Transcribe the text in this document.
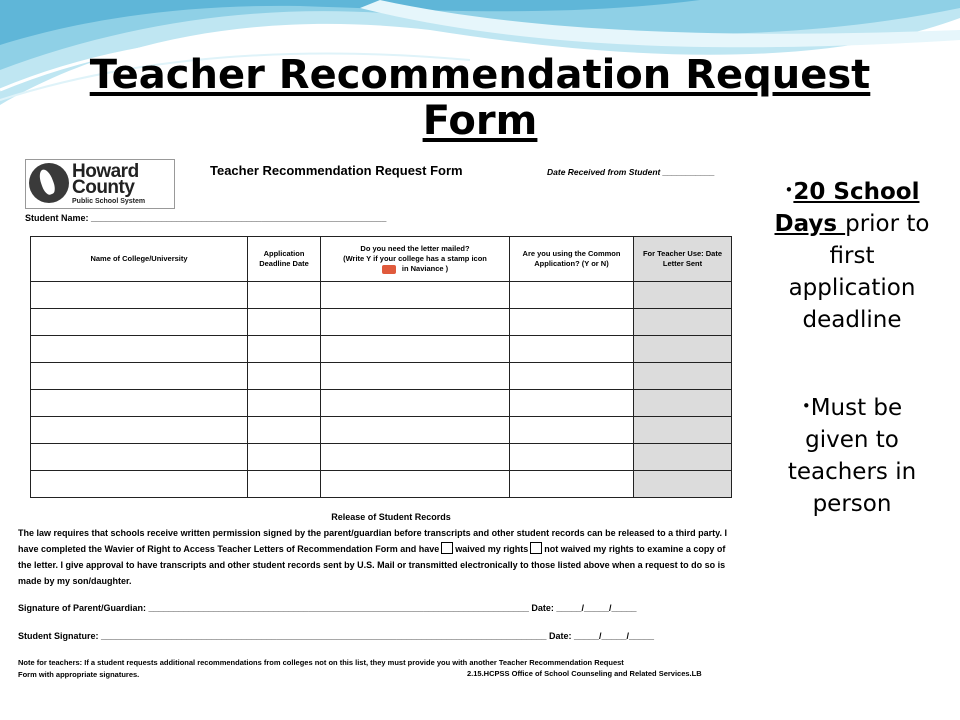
Teacher Recommendation Request
Form
Howard
County
Public School System
Teacher Recommendation Request Form	Date Received from Student ___________
Student Name: ___________________________________________________________
Name of College/University	Application Deadline Date	Do you need the letter mailed?
(Write Y if your college has a stamp icon
in Naviance )	Are you using the Common Application? (Y or N)	For Teacher Use: Date Letter Sent

Release of Student Records

The law requires that schools receive written permission signed by the parent/guardian before transcripts and other student records can be released to a third party. I have completed the Wavier of Right to Access Teacher Letters of Recommendation Form and have waived my rights not waived my rights to examine a copy of the letter. I give approval to have transcripts and other student records sent by U.S. Mail or transmitted electronically to those listed above when a request to do so is made by my son/daughter.

Signature of Parent/Guardian: ____________________________________________________________________________ Date: _____/_____/_____
Student Signature: _________________________________________________________________________________________ Date: _____/_____/_____
Note for teachers: If a student requests additional recommendations from colleges not on this list, they must provide you with another Teacher Recommendation Request
Form with appropriate signatures.	2.15.HCPSS Office of School Counseling and Related Services.LB
•20 School Days prior to first application deadline
•Must be given to teachers in person
